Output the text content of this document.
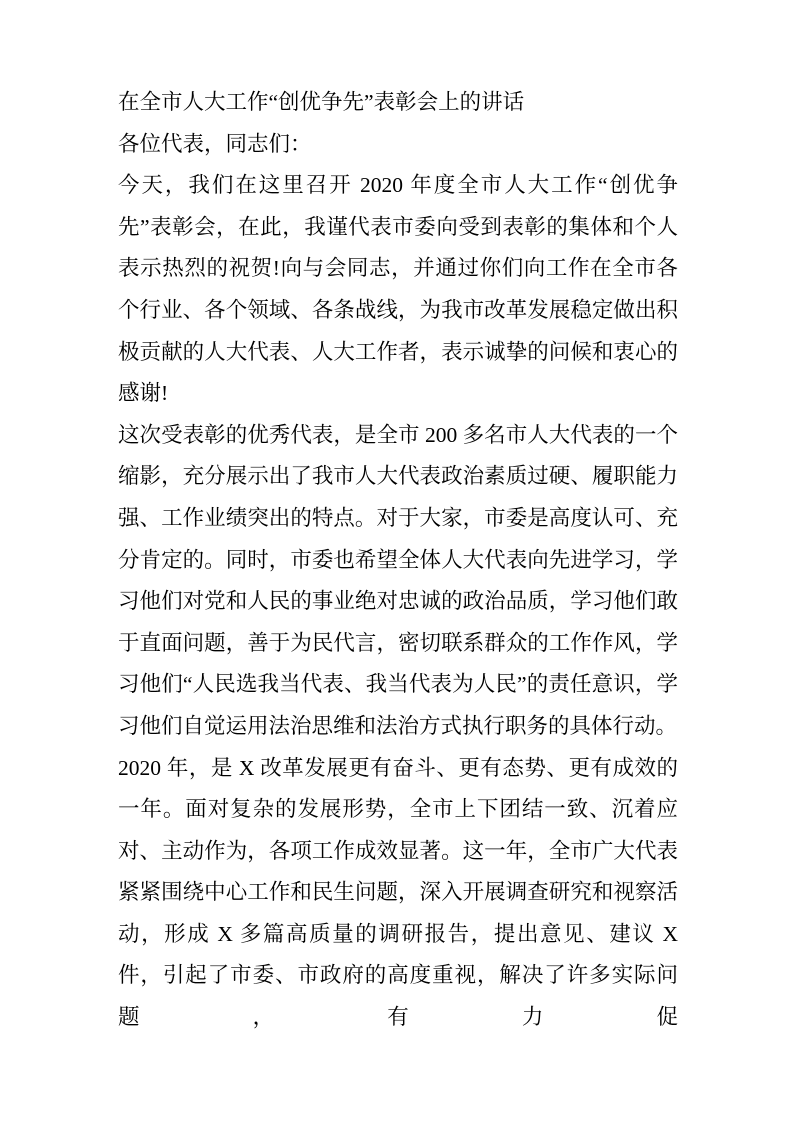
在全市人大工作“创优争先”表彰会上的讲话
各位代表，同志们：

今天，我们在这里召开 2020 年度全市人大工作“创优争先”表彰会，在此，我谨代表市委向受到表彰的集体和个人表示热烈的祝贺!向与会同志，并通过你们向工作在全市各个行业、各个领域、各条战线，为我市改革发展稳定做出积极贡献的人大代表、人大工作者，表示诚挚的问候和衷心的感谢!

这次受表彰的优秀代表，是全市 200 多名市人大代表的一个缩影，充分展示出了我市人大代表政治素质过硬、履职能力强、工作业绩突出的特点。对于大家，市委是高度认可、充分肯定的。同时，市委也希望全体人大代表向先进学习，学习他们对党和人民的事业绝对忠诚的政治品质，学习他们敢于直面问题，善于为民代言，密切联系群众的工作作风，学习他们“人民选我当代表、我当代表为人民”的责任意识，学习他们自觉运用法治思维和法治方式执行职务的具体行动。

2020 年，是 X 改革发展更有奋斗、更有态势、更有成效的一年。面对复杂的发展形势，全市上下团结一致、沉着应对、主动作为，各项工作成效显著。这一年，全市广大代表紧紧围绕中心工作和民生问题，深入开展调查研究和视察活动，形成 X 多篇高质量的调研报告，提出意见、建议 X 件，引起了市委、市政府的高度重视，解决了许多实际问题，有力促
